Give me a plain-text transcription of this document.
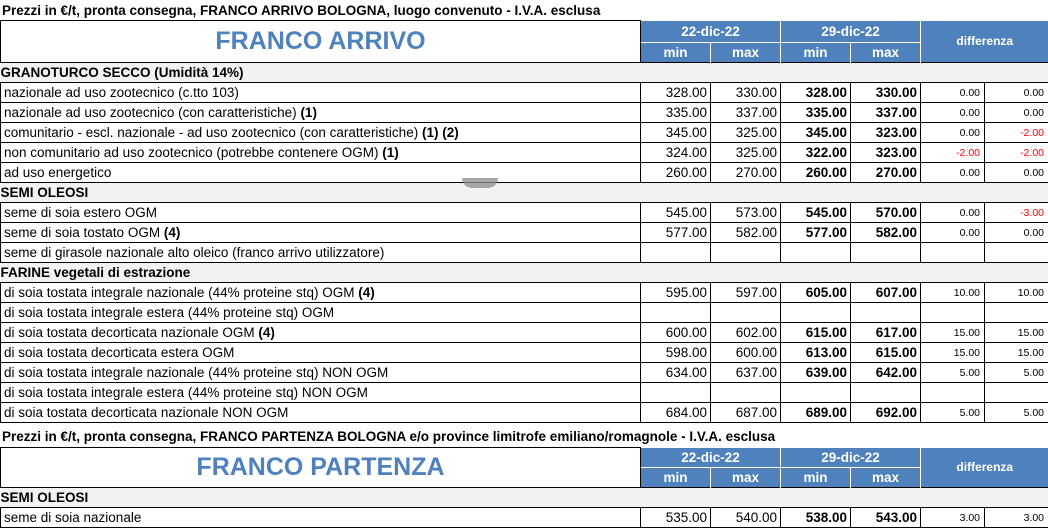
Prezzi in €/t, pronta consegna, FRANCO ARRIVO BOLOGNA, luogo convenuto - I.V.A. esclusa
FRANCO ARRIVO	22-dic-22		29-dic-22		differenza	
	min	max	min	max		
GRANOTURCO SECCO (Umidità 14%)						
nazionale ad uso zootecnico (c.tto 103)	328.00	330.00	328.00	330.00	0.00	0.00
nazionale ad uso zootecnico (con caratteristiche) (1)	335.00	337.00	335.00	337.00	0.00	0.00
comunitario - escl. nazionale - ad uso zootecnico (con caratteristiche) (1) (2)	345.00	325.00	345.00	323.00	0.00	-2.00
non comunitario ad uso zootecnico (potrebbe contenere OGM) (1)	324.00	325.00	322.00	323.00	-2.00	-2.00
ad uso energetico	260.00	270.00	260.00	270.00	0.00	0.00
SEMI OLEOSI						
seme di soia estero OGM	545.00	573.00	545.00	570.00	0.00	-3.00
seme di soia tostato OGM (4)	577.00	582.00	577.00	582.00	0.00	0.00
seme di girasole nazionale alto oleico (franco arrivo utilizzatore)						
FARINE vegetali di estrazione						
di soia tostata integrale nazionale (44% proteine stq) OGM (4)	595.00	597.00	605.00	607.00	10.00	10.00
di soia tostata integrale estera (44% proteine stq) OGM						
di soia tostata decorticata nazionale OGM (4)	600.00	602.00	615.00	617.00	15.00	15.00
di soia tostata decorticata estera OGM	598.00	600.00	613.00	615.00	15.00	15.00
di soia tostata integrale nazionale (44% proteine stq) NON OGM	634.00	637.00	639.00	642.00	5.00	5.00
di soia tostata integrale estera (44% proteine stq) NON OGM						
di soia tostata decorticata nazionale NON OGM	684.00	687.00	689.00	692.00	5.00	5.00
Prezzi in €/t, pronta consegna, FRANCO PARTENZA BOLOGNA e/o province limitrofe emiliano/romagnole - I.V.A. esclusa
FRANCO PARTENZA	22-dic-22		29-dic-22		differenza	
	min	max	min	max		
SEMI OLEOSI						
seme di soia nazionale	535.00	540.00	538.00	543.00	3.00	3.00
